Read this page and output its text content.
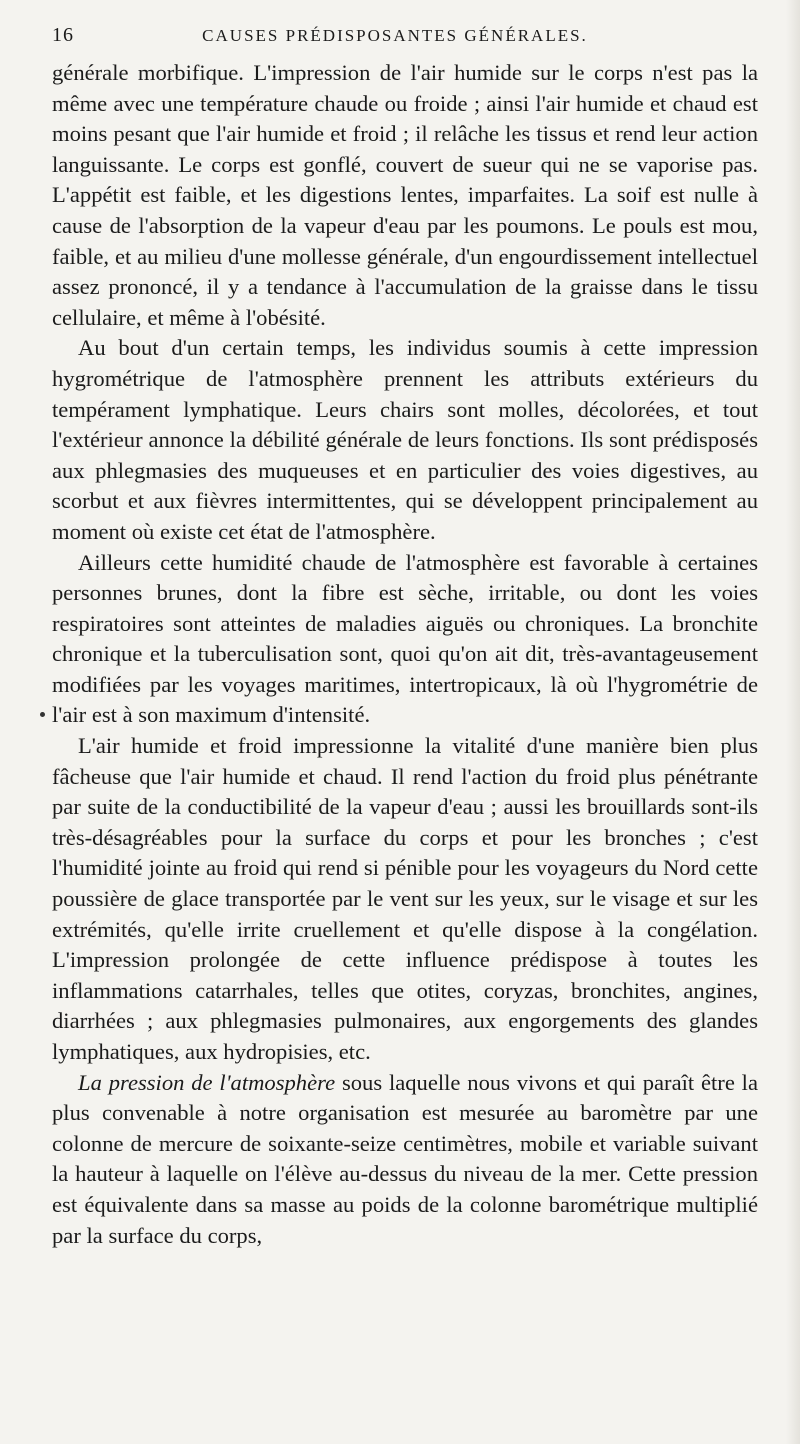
16	CAUSES PRÉDISPOSANTES GÉNÉRALES.

générale morbifique. L'impression de l'air humide sur le corps n'est pas la même avec une température chaude ou froide ; ainsi l'air humide et chaud est moins pesant que l'air humide et froid ; il relâche les tissus et rend leur action languissante. Le corps est gonflé, couvert de sueur qui ne se vaporise pas. L'appétit est faible, et les digestions lentes, imparfaites. La soif est nulle à cause de l'absorption de la vapeur d'eau par les poumons. Le pouls est mou, faible, et au milieu d'une mollesse générale, d'un engourdissement intellectuel assez prononcé, il y a tendance à l'accumulation de la graisse dans le tissu cellulaire, et même à l'obésité.

Au bout d'un certain temps, les individus soumis à cette impression hygrométrique de l'atmosphère prennent les attributs extérieurs du tempérament lymphatique. Leurs chairs sont molles, décolorées, et tout l'extérieur annonce la débilité générale de leurs fonctions. Ils sont prédisposés aux phlegmasies des muqueuses et en particulier des voies digestives, au scorbut et aux fièvres intermittentes, qui se développent principalement au moment où existe cet état de l'atmosphère.

Ailleurs cette humidité chaude de l'atmosphère est favorable à certaines personnes brunes, dont la fibre est sèche, irritable, ou dont les voies respiratoires sont atteintes de maladies aiguës ou chroniques. La bronchite chronique et la tuberculisation sont, quoi qu'on ait dit, très-avantageusement modifiées par les voyages maritimes, intertropicaux, là où l'hygrométrie de l'air est à son maximum d'intensité.

L'air humide et froid impressionne la vitalité d'une manière bien plus fâcheuse que l'air humide et chaud. Il rend l'action du froid plus pénétrante par suite de la conductibilité de la vapeur d'eau ; aussi les brouillards sont-ils très-désagréables pour la surface du corps et pour les bronches ; c'est l'humidité jointe au froid qui rend si pénible pour les voyageurs du Nord cette poussière de glace transportée par le vent sur les yeux, sur le visage et sur les extrémités, qu'elle irrite cruellement et qu'elle dispose à la congélation. L'impression prolongée de cette influence prédispose à toutes les inflammations catarrhales, telles que otites, coryzas, bronchites, angines, diarrhées ; aux phlegmasies pulmonaires, aux engorgements des glandes lymphatiques, aux hydropisies, etc.

La pression de l'atmosphère sous laquelle nous vivons et qui paraît être la plus convenable à notre organisation est mesurée au baromètre par une colonne de mercure de soixante-seize centimètres, mobile et variable suivant la hauteur à laquelle on l'élève au-dessus du niveau de la mer. Cette pression est équivalente dans sa masse au poids de la colonne barométrique multiplié par la surface du corps,
